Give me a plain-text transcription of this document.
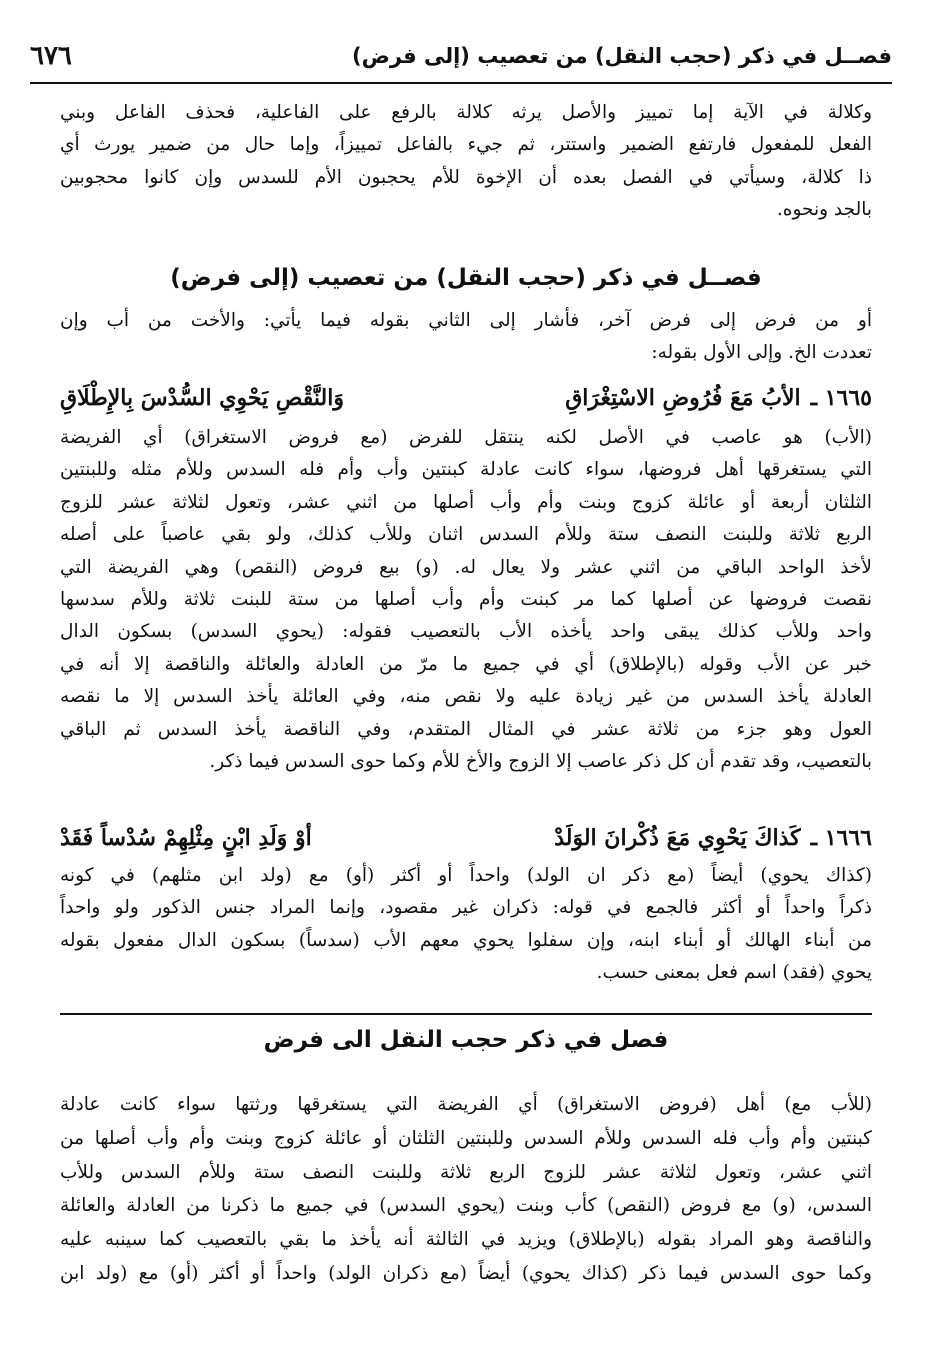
٦٧٦	فصــل في ذكر (حجب النقل) من تعصيب (إلى فرض)
وكلالة في الآية إما تمييز والأصل يرثه كلالة بالرفع على الفاعلية، فحذف الفاعل وبني
الفعل للمفعول فارتفع الضمير واستتر، ثم جيء بالفاعل تمييزاً، وإما حال من ضمير يورث أي
ذا كلالة، وسيأتي في الفصل بعده أن الإخوة للأم يحجبون الأم للسدس وإن كانوا محجوبين
بالجد ونحوه.
فصــل في ذكر (حجب النقل) من تعصيب (إلى فرض)
أو من فرض إلى فرض آخر، فأشار إلى الثاني بقوله فيما يأتي: والأخت من أب وإن
تعددت الخ. وإلى الأول بقوله:
١٦٦٥ ـ
الأبُ مَعَ فُرُوضِ الاسْتِغْرَاقِ
وَالنَّقْصِ يَحْوِي السُّدْسَ بِالإِطْلَاقِ
(الأب) هو عاصب في الأصل لكنه ينتقل للفرض (مع فروض الاستغراق) أي الفريضة
التي يستغرقها أهل فروضها، سواء كانت عادلة كبنتين وأب وأم فله السدس وللأم مثله وللبنتين
الثلثان أربعة أو عائلة كزوج وبنت وأم وأب أصلها من اثني عشر، وتعول لثلاثة عشر للزوج
الربع ثلاثة وللبنت النصف ستة وللأم السدس اثنان وللأب كذلك، ولو بقي عاصباً على أصله
لأخذ الواحد الباقي من اثني عشر ولا يعال له. (و) بيع فروض (النقص) وهي الفريضة التي
نقصت فروضها عن أصلها كما مر كبنت وأم وأب أصلها من ستة للبنت ثلاثة وللأم سدسها
واحد وللأب كذلك يبقى واحد يأخذه الأب بالتعصيب فقوله: (يحوي السدس) بسكون الدال
خبر عن الأب وقوله (بالإطلاق) أي في جميع ما مرّ من العادلة والعائلة والناقصة إلا أنه في
العادلة يأخذ السدس من غير زيادة عليه ولا نقص منه، وفي العائلة يأخذ السدس إلا ما نقصه
العول وهو جزء من ثلاثة عشر في المثال المتقدم، وفي الناقصة يأخذ السدس ثم الباقي
بالتعصيب، وقد تقدم أن كل ذكر عاصب إلا الزوج والأخ للأم وكما حوى السدس فيما ذكر.
١٦٦٦ ـ
كَذاكَ يَحْوِي مَعَ ذُكْرانَ الوَلَدْ
أوْ وَلَدِ ابْنٍ مِثْلِهِمْ سُدْساً فَقَدْ
(كذاك يحوي) أيضاً (مع ذكر ان الولد) واحداً أو أكثر (أو) مع (ولد ابن مثلهم) في كونه
ذكراً واحداً أو أكثر فالجمع في قوله: ذكران غير مقصود، وإنما المراد جنس الذكور ولو واحداً
من أبناء الهالك أو أبناء ابنه، وإن سفلوا يحوي معهم الأب (سدساً) بسكون الدال مفعول بقوله
يحوي (فقد) اسم فعل بمعنى حسب.
فصل في ذكر حجب النقل الى فرض
(للأب مع) أهل (فروض الاستغراق) أي الفريضة التي يستغرقها ورثتها سواء كانت عادلة
كبنتين وأم وأب فله السدس وللأم السدس وللبنتين الثلثان أو عائلة كزوج وبنت وأم وأب أصلها من
اثني عشر، وتعول لثلاثة عشر للزوج الربع ثلاثة وللبنت النصف ستة وللأم السدس وللأب
السدس، (و) مع فروض (النقص) كأب وبنت (يحوي السدس) في جميع ما ذكرنا من العادلة والعائلة
والناقصة وهو المراد بقوله (بالإطلاق) ويزيد في الثالثة أنه يأخذ ما بقي بالتعصيب كما سينبه عليه
وكما حوى السدس فيما ذكر (كذاك يحوي) أيضاً (مع ذكران الولد) واحداً أو أكثر (أو) مع (ولد ابن
